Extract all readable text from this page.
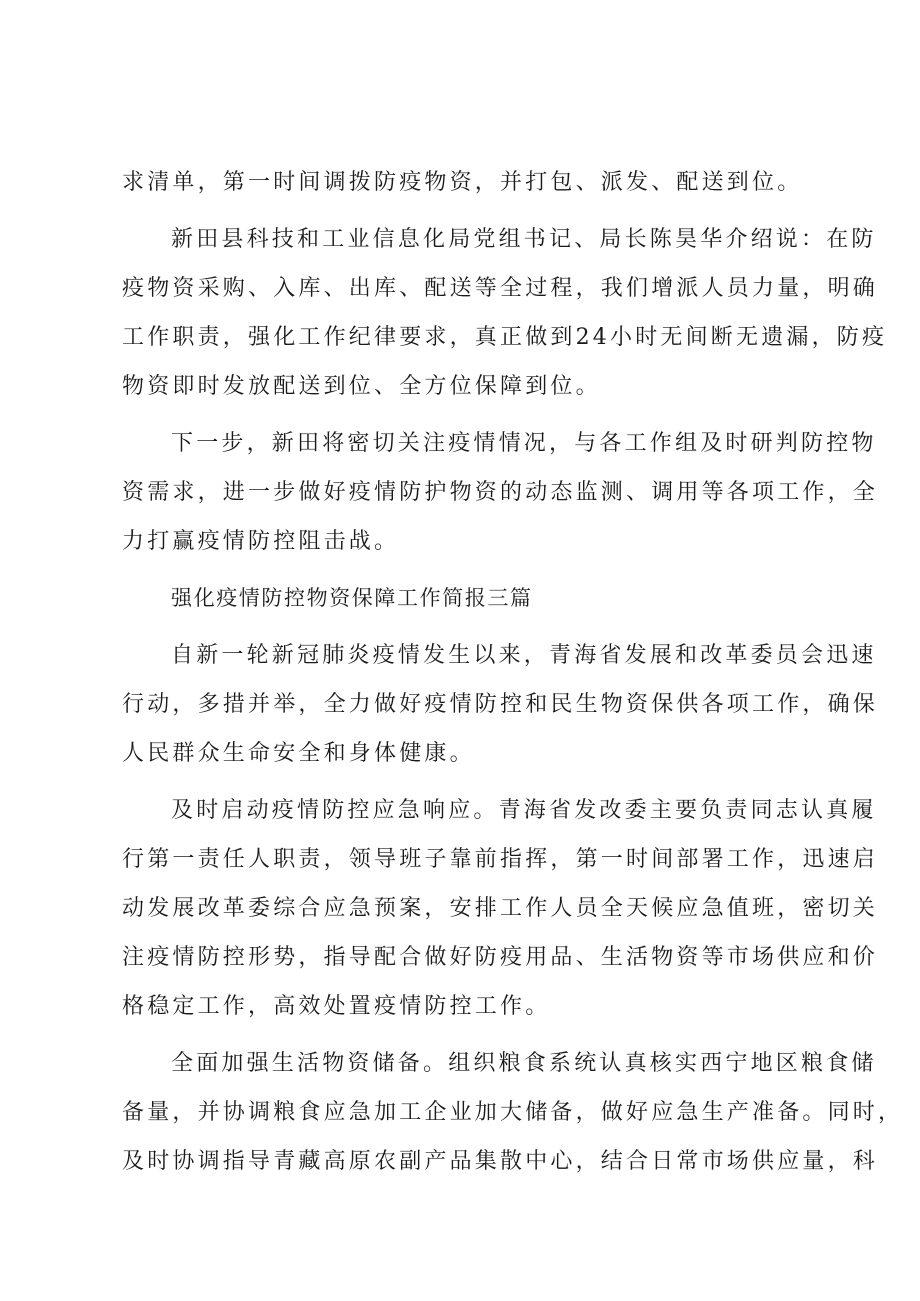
求清单，第一时间调拨防疫物资，并打包、派发、配送到位。

新田县科技和工业信息化局党组书记、局长陈昊华介绍说：在防
疫物资采购、入库、出库、配送等全过程，我们增派人员力量，明确
工作职责，强化工作纪律要求，真正做到24小时无间断无遗漏，防疫
物资即时发放配送到位、全方位保障到位。

下一步，新田将密切关注疫情情况，与各工作组及时研判防控物
资需求，进一步做好疫情防护物资的动态监测、调用等各项工作，全
力打赢疫情防控阻击战。

强化疫情防控物资保障工作简报三篇

自新一轮新冠肺炎疫情发生以来，青海省发展和改革委员会迅速
行动，多措并举，全力做好疫情防控和民生物资保供各项工作，确保
人民群众生命安全和身体健康。

及时启动疫情防控应急响应。青海省发改委主要负责同志认真履
行第一责任人职责，领导班子靠前指挥，第一时间部署工作，迅速启
动发展改革委综合应急预案，安排工作人员全天候应急值班，密切关
注疫情防控形势，指导配合做好防疫用品、生活物资等市场供应和价
格稳定工作，高效处置疫情防控工作。

全面加强生活物资储备。组织粮食系统认真核实西宁地区粮食储
备量，并协调粮食应急加工企业加大储备，做好应急生产准备。同时，
及时协调指导青藏高原农副产品集散中心，结合日常市场供应量，科
